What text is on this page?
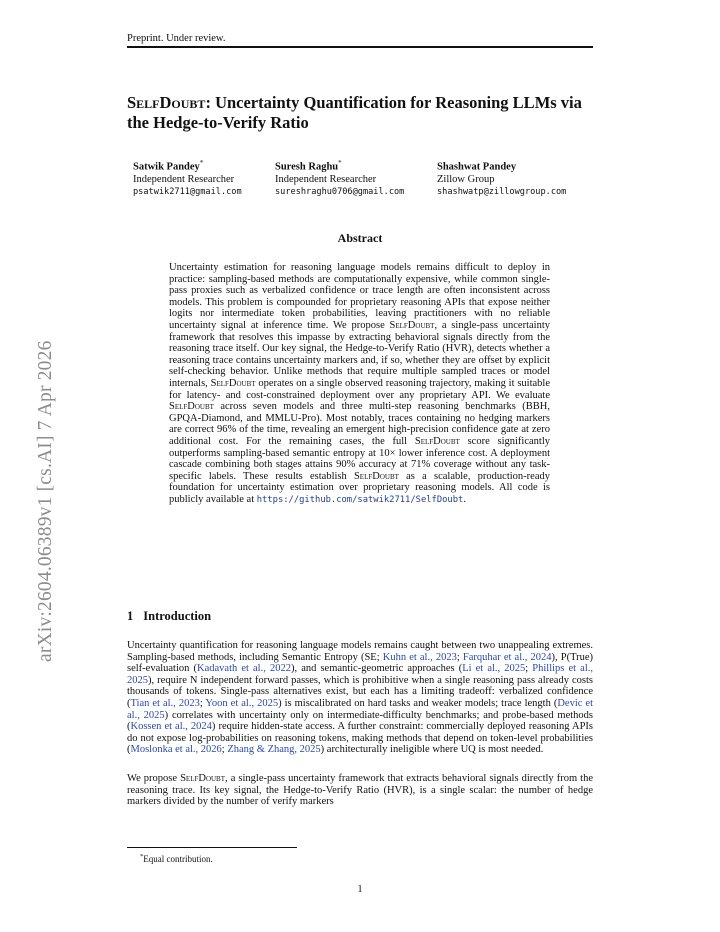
Preprint. Under review.
arXiv:2604.06389v1 [cs.AI] 7 Apr 2026
SelfDoubt: Uncertainty Quantification for Reasoning LLMs via the Hedge-to-Verify Ratio
Satwik Pandey*
Independent Researcher
psatwik2711@gmail.com
Suresh Raghu*
Independent Researcher
sureshraghu0706@gmail.com
Shashwat Pandey
Zillow Group
shashwatp@zillowgroup.com
Abstract
Uncertainty estimation for reasoning language models remains difficult to deploy in practice: sampling-based methods are computationally expensive, while common single-pass proxies such as verbalized confidence or trace length are often inconsistent across models. This problem is compounded for proprietary reasoning APIs that expose neither logits nor intermediate token probabilities, leaving practitioners with no reliable uncertainty signal at inference time. We propose SelfDoubt, a single-pass uncertainty framework that resolves this impasse by extracting behavioral signals directly from the reasoning trace itself. Our key signal, the Hedge-to-Verify Ratio (HVR), detects whether a reasoning trace contains uncertainty markers and, if so, whether they are offset by explicit self-checking behavior. Unlike methods that require multiple sampled traces or model internals, SelfDoubt operates on a single observed reasoning trajectory, making it suitable for latency- and cost-constrained deployment over any proprietary API. We evaluate SelfDoubt across seven models and three multi-step reasoning benchmarks (BBH, GPQA-Diamond, and MMLU-Pro). Most notably, traces containing no hedging markers are correct 96% of the time, revealing an emergent high-precision confidence gate at zero additional cost. For the remaining cases, the full SelfDoubt score significantly outperforms sampling-based semantic entropy at 10× lower inference cost. A deployment cascade combining both stages attains 90% accuracy at 71% coverage without any task-specific labels. These results establish SelfDoubt as a scalable, production-ready foundation for uncertainty estimation over proprietary reasoning models. All code is publicly available at https://github.com/satwik2711/SelfDoubt.
1 Introduction
Uncertainty quantification for reasoning language models remains caught between two unappealing extremes. Sampling-based methods, including Semantic Entropy (SE; Kuhn et al., 2023; Farquhar et al., 2024), P(True) self-evaluation (Kadavath et al., 2022), and semantic-geometric approaches (Li et al., 2025; Phillips et al., 2025), require N independent forward passes, which is prohibitive when a single reasoning pass already costs thousands of tokens. Single-pass alternatives exist, but each has a limiting tradeoff: verbalized confidence (Tian et al., 2023; Yoon et al., 2025) is miscalibrated on hard tasks and weaker models; trace length (Devic et al., 2025) correlates with uncertainty only on intermediate-difficulty benchmarks; and probe-based methods (Kossen et al., 2024) require hidden-state access. A further constraint: commercially deployed reasoning APIs do not expose log-probabilities on reasoning tokens, making methods that depend on token-level probabilities (Moslonka et al., 2026; Zhang & Zhang, 2025) architecturally ineligible where UQ is most needed.
We propose SelfDoubt, a single-pass uncertainty framework that extracts behavioral signals directly from the reasoning trace. Its key signal, the Hedge-to-Verify Ratio (HVR), is a single scalar: the number of hedge markers divided by the number of verify markers
*Equal contribution.
1
